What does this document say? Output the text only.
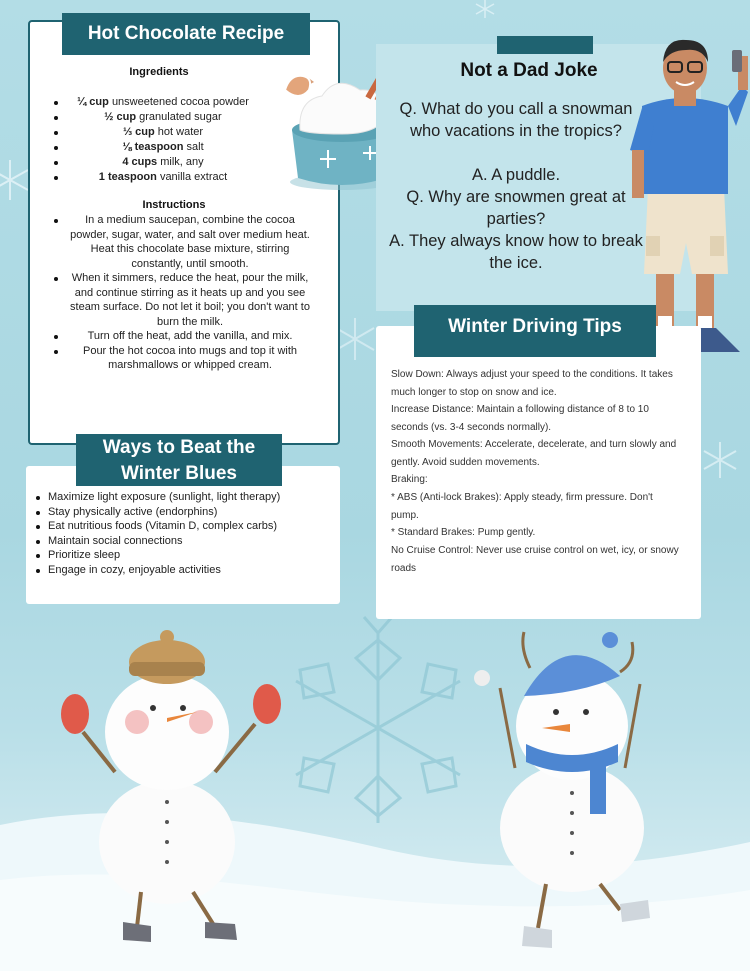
Hot Chocolate Recipe
Ingredients
¼ cup unsweetened cocoa powder
½ cup granulated sugar
⅓ cup hot water
⅛ teaspoon salt
4 cups milk, any
1 teaspoon vanilla extract
Instructions
In a medium saucepan, combine the cocoa powder, sugar, water, and salt over medium heat. Heat this chocolate base mixture, stirring constantly, until smooth.
When it simmers, reduce the heat, pour the milk, and continue stirring as it heats up and you see steam surface. Do not let it boil; you don't want to burn the milk.
Turn off the heat, add the vanilla, and mix.
Pour the hot cocoa into mugs and top it with marshmallows or whipped cream.
Not a Dad Joke
Q. What do you call a snowman who vacations in the tropics?
A. A puddle.
Q. Why are snowmen great at parties?
A. They always know how to break the ice.
Winter Driving Tips
Slow Down: Always adjust your speed to the conditions. It takes much longer to stop on snow and ice.
Increase Distance: Maintain a following distance of 8 to 10 seconds (vs. 3-4 seconds normally).
Smooth Movements: Accelerate, decelerate, and turn slowly and gently. Avoid sudden movements.
Braking:
* ABS (Anti-lock Brakes): Apply steady, firm pressure. Don't pump.
* Standard Brakes: Pump gently.
No Cruise Control: Never use cruise control on wet, icy, or snowy roads
Ways to Beat the
Winter Blues
Maximize light exposure (sunlight, light therapy)
Stay physically active (endorphins)
Eat nutritious foods (Vitamin D, complex carbs)
Maintain social connections
Prioritize sleep
Engage in cozy, enjoyable activities
